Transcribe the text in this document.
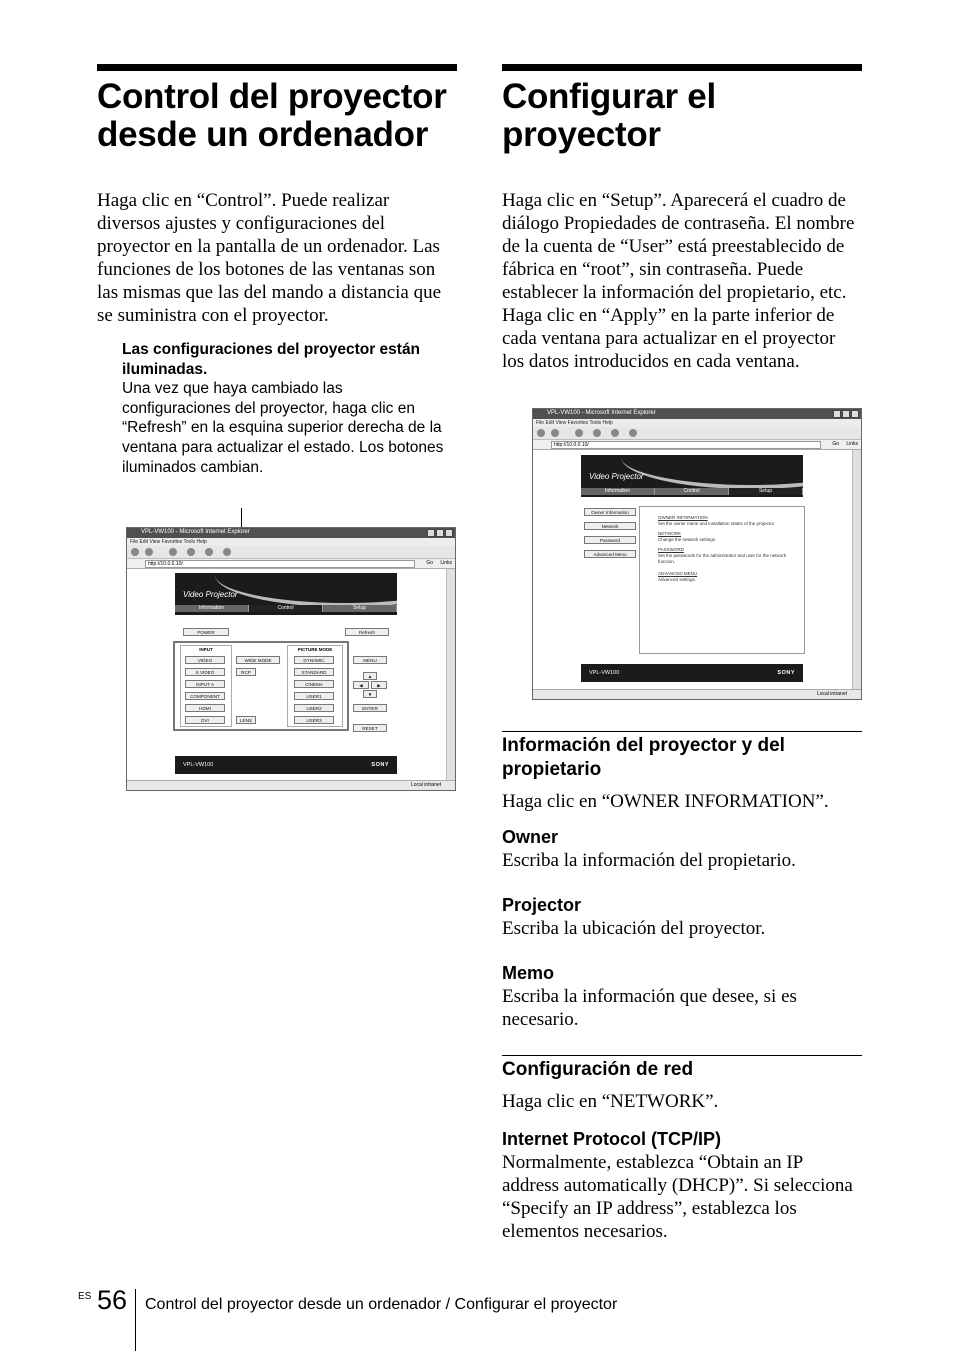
Control del proyector desde un ordenador

Haga clic en “Control”. Puede realizar diversos ajustes y configuraciones del proyector en la pantalla de un ordenador. Las funciones de los botones de las ventanas son las mismas que las del mando a distancia que se suministra con el proyector.

Las configuraciones del proyector están iluminadas.
Una vez que haya cambiado las configuraciones del proyector, haga clic en “Refresh” en la esquina superior derecha de la ventana para actualizar el estado. Los botones iluminados cambian.
VPL-VW100 - Microsoft Internet Explorer
File Edit View Favorites Tools Help
http://10.0.0.10/	Go Links
Video Projector
Information	Control	Setup
POWER	Refresh
INPUT
VIDEO
S VIDEO
INPUT A
COMPONENT
HDMI
DVI
WIDE MODE
RCP
LENS
PICTURE MODE
DYNAMIC
STANDARD
CINEMA
USER1
USER2
USER3
MENU
▲
◀	▶
▼
ENTER
RESET
VPL-VW100	SONY
Local intranet
Configurar el proyector

Haga clic en “Setup”. Aparecerá el cuadro de diálogo Propiedades de contraseña. El nombre de la cuenta de “User” está preestablecido de fábrica en “root”, sin contraseña. Puede establecer la información del propietario, etc. Haga clic en “Apply” en la parte inferior de cada ventana para actualizar en el proyector los datos introducidos en cada ventana.

VPL-VW100 - Microsoft Internet Explorer
File Edit View Favorites Tools Help
http://10.0.0.10/	Go Links
Video Projector
Information	Control	Setup
Owner Information
Network
Password
Advanced Menu
OWNER INFORMATION
Set the owner name and installation states of the projector
NETWORK
Change the network settings.
PASSWORD
Set the passwords for the administrator and user for the network function.
ADVANCED MENU
Advanced settings.
VPL-VW100	SONY
Local intranet
Información del proyector y del propietario

Haga clic en “OWNER INFORMATION”.

Owner

Escriba la información del propietario.

Projector

Escriba la ubicación del proyector.

Memo

Escriba la información que desee, si es necesario.

Configuración de red

Haga clic en “NETWORK”.

Internet Protocol (TCP/IP)

Normalmente, establezca “Obtain an IP address automatically (DHCP)”. Si selecciona “Specify an IP address”, establezca los elementos necesarios.

ES 56 Control del proyector desde un ordenador / Configurar el proyector
